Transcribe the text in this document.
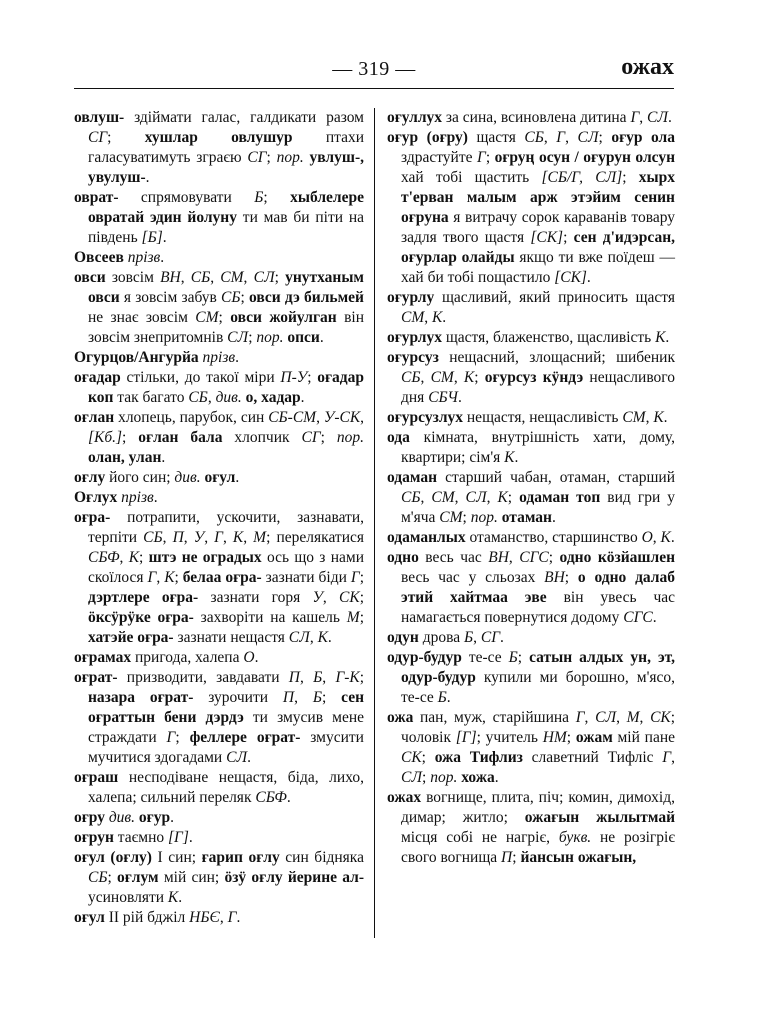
— 319 —	ожах

овлуш- здіймати галас, галдикати разом СГ; хушлар овлушур птахи галасуватимуть зграєю СГ; пор. увлуш-, увулуш-.

оврат- спрямовувати Б; хыблелере овратай эдин йолуну ти мав би піти на південь [Б].

Овсеев прізв.

овси зовсім ВН, СБ, СМ, СЛ; унутханым овси я зовсім забув СБ; овси дэ бильмей не знає зовсім СМ; овси жойулган він зовсім знепритомнів СЛ; пор. опси.

Огурцов/Ангурйа прізв.

оғадар стільки, до такої міри П-У; оғадар коп так багато СБ, див. о, хадар.

оғлан хлопець, парубок, син СБ-СМ, У-СК, [Кб.]; оғлан бала хлопчик СГ; пор. олан, улан.

оғлу його син; див. оғул.

Оғлух прізв.

оғра- потрапити, ускочити, зазнавати, терпіти СБ, П, У, Г, К, М; перелякатися СБФ, К; штэ не оградых ось що з нами скоїлося Г, К; белаа оғра- зазнати біди Г; дэртлере оғра- зазнати горя У, СК; öксÿрÿке оғра- захворіти на кашель М; хатэйе оғра- зазнати нещастя СЛ, К.

оғрамах пригода, халепа О.

оғрат- призводити, завдавати П, Б, Г-К; назара оғрат- зурочити П, Б; сен оғраттын бени дэрдэ ти змусив мене страждати Г; феллере оғрат- змусити мучитися здогадами СЛ.

оғраш несподіване нещастя, біда, лихо, халепа; сильний переляк СБФ.

оғру див. оғур.

оғрун таємно [Г].

оғул (оғлу) I син; ғарип оғлу син бідняка СБ; оғлум мій син; öзÿ оғлу йерине ал- усиновляти К.

оғул II рій бджіл НБЄ, Г.

оғуллух за сина, всиновлена дитина Г, СЛ.

оғур (оғру) щастя СБ, Г, СЛ; оғур ола здрастуйте Г; оғруң осун / оғурун олсун хай тобі щастить [СБ/Г, СЛ]; хырх т'ерван малым арж этэйим сенин оғруна я витрачу сорок караванів товару задля твого щастя [СК]; сен д'идэрсан, оғурлар олайды якщо ти вже поїдеш — хай би тобі пощастило [СК].

оғурлу щасливий, який приносить щастя СМ, К.

оғурлух щастя, блаженство, щасливість К.

оғурсуз нещасний, злощасний; шибеник СБ, СМ, К; оғурсуз кÿндэ нещасливого дня СБЧ.

оғурсузлух нещастя, нещасливість СМ, К.

ода кімната, внутрішність хати, дому, квартири; сім'я К.

одаман старший чабан, отаман, старший СБ, СМ, СЛ, К; одаман топ вид гри у м'яча СМ; пор. отаман.

одаманлых отаманство, старшинство О, К.

одно весь час ВН, СГС; одно кöзйашлен весь час у сльозах ВН; о одно далаб этий хайтмаа эве він увесь час намагається повернутися додому СГС.

одун дрова Б, СГ.

одур-будур те-се Б; сатын алдых ун, эт, одур-будур купили ми борошно, м'ясо, те-се Б.

ожа пан, муж, старійшина Г, СЛ, М, СК; чоловік [Г]; учитель НМ; ожам мій пане СК; ожа Тифлиз славетний Тифліс Г, СЛ; пор. хожа.

ожах вогнище, плита, піч; комин, димохід, димар; житло; ожағын жылытмай місця собі не нагріє, букв. не розігріє свого вогнища П; йансын ожағын,
